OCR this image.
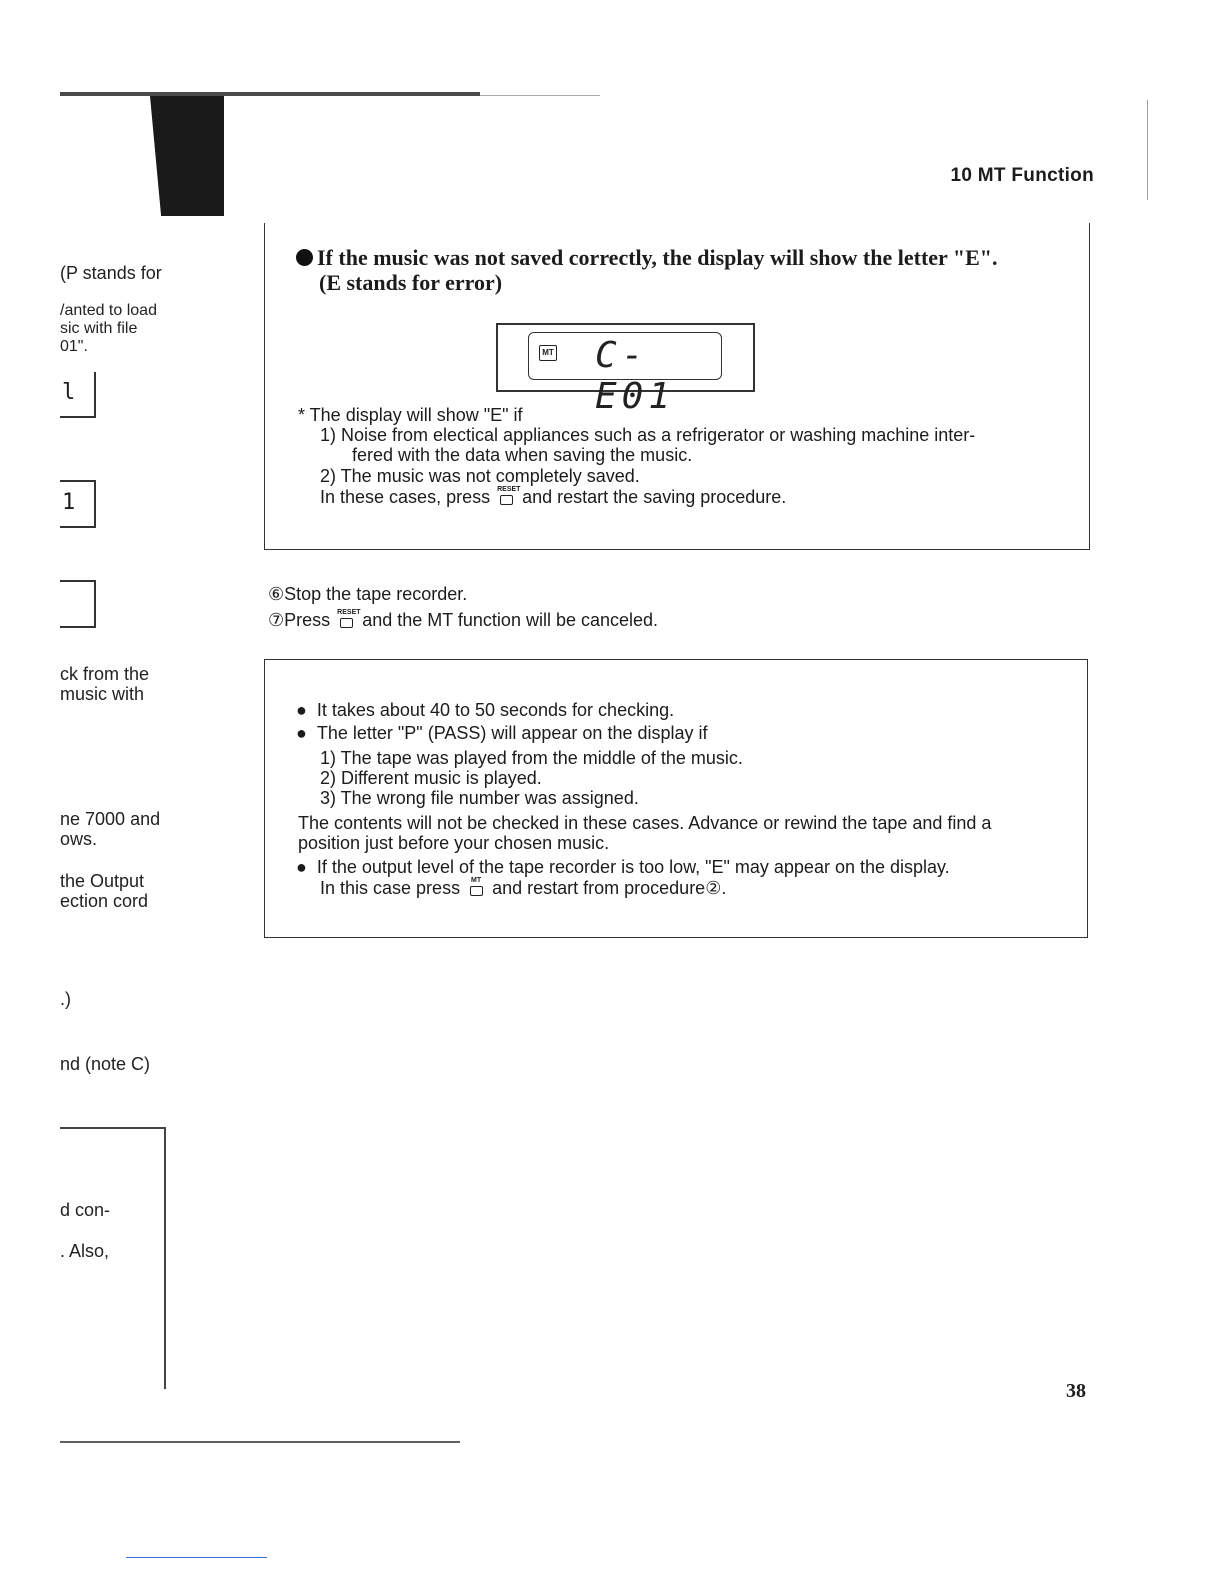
10 MT Function
(P stands for
/anted to load
sic with file
01".
l
1
ck from the
music with
ne 7000 and
ows.
the Output
ection cord
.)
nd (note C)
d con-
. Also,
If the music was not saved correctly, the display will show the letter "E".
(E stands for error)
MT C-E01
* The display will show "E" if
1) Noise from electical appliances such as a refrigerator or washing machine inter-
fered with the data when saving the music.
2) The music was not completely saved.
In these cases, press RESET and restart the saving procedure.
⑥Stop the tape recorder.
⑦Press RESET and the MT function will be canceled.
●  It takes about 40 to 50 seconds for checking.
●  The letter "P" (PASS) will appear on the display if
1) The tape was played from the middle of the music.
2) Different music is played.
3) The wrong file number was assigned.
The contents will not be checked in these cases. Advance or rewind the tape and find a
position just before your chosen music.
●  If the output level of the tape recorder is too low, "E" may appear on the display.
In this case press	MT and restart from procedure②.
38
